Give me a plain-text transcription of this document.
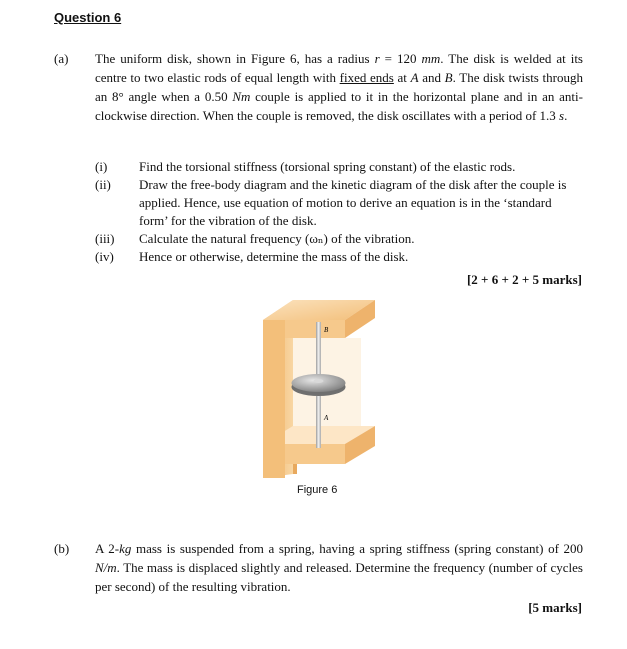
Question 6
(a) The uniform disk, shown in Figure 6, has a radius r = 120 mm. The disk is welded at its centre to two elastic rods of equal length with fixed ends at A and B. The disk twists through an 8° angle when a 0.50 Nm couple is applied to it in the horizontal plane and in an anti-clockwise direction. When the couple is removed, the disk oscillates with a period of 1.3 s.
(i)	Find the torsional stiffness (torsional spring constant) of the elastic rods.
(ii)	Draw the free-body diagram and the kinetic diagram of the disk after the couple is applied. Hence, use equation of motion to derive an equation is in the ‘standard form’ for the vibration of the disk.
(iii)	Calculate the natural frequency (ωₙ) of the vibration.
(iv)	Hence or otherwise, determine the mass of the disk.
[2 + 6 + 2 + 5 marks]
B
A
Figure 6
(b) A 2-kg mass is suspended from a spring, having a spring stiffness (spring constant) of 200 N/m. The mass is displaced slightly and released. Determine the frequency (number of cycles per second) of the resulting vibration.
[5 marks]
